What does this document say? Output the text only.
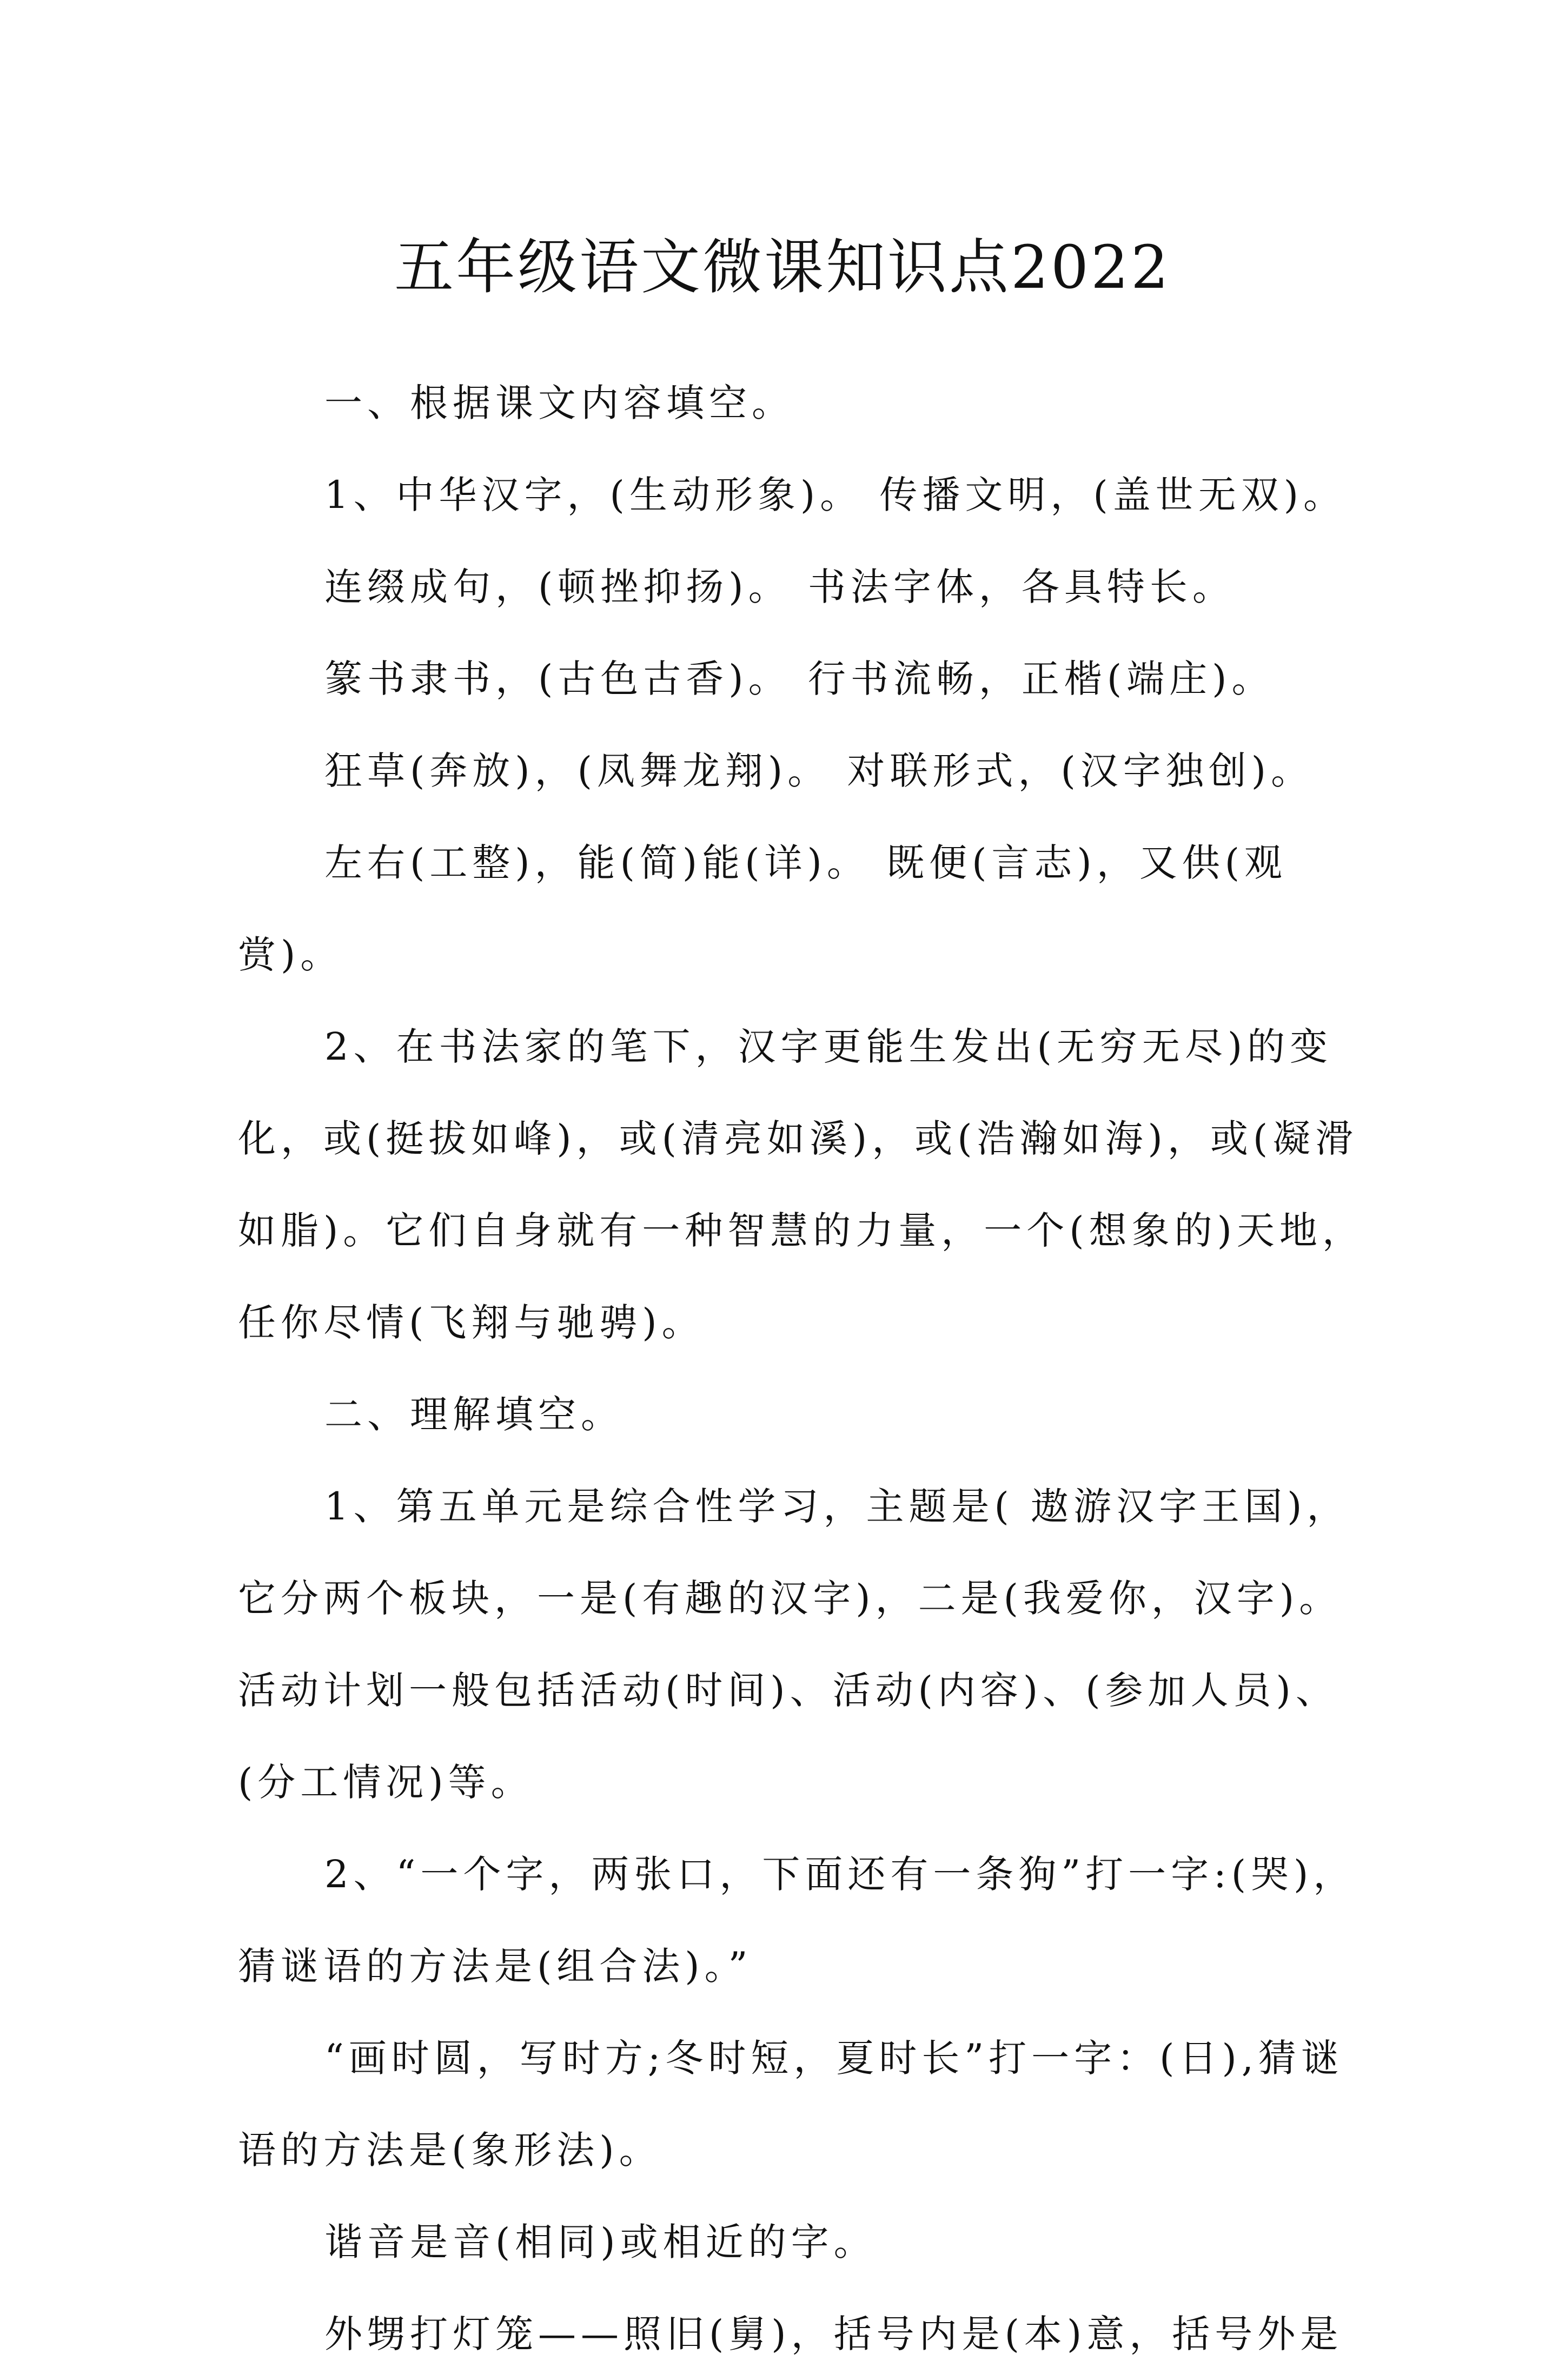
五年级语文微课知识点2022

一、根据课文内容填空。

1、中华汉字，(生动形象)。 传播文明，(盖世无双)。

连缀成句，(顿挫抑扬)。 书法字体，各具特长。

篆书隶书，(古色古香)。 行书流畅，正楷(端庄)。

狂草(奔放)，(凤舞龙翔)。 对联形式，(汉字独创)。

左右(工整)，能(简)能(详)。 既便(言志)，又供(观赏)。

2、在书法家的笔下，汉字更能生发出(无穷无尽)的变化，或(挺拔如峰)，或(清亮如溪)，或(浩瀚如海)，或(凝滑如脂)。它们自身就有一种智慧的力量，一个(想象的)天地，任你尽情(飞翔与驰骋)。

二、理解填空。

1、第五单元是综合性学习，主题是( 遨游汉字王国)，它分两个板块，一是(有趣的汉字)，二是(我爱你，汉字)。活动计划一般包括活动(时间)、活动(内容)、(参加人员)、(分工情况)等。

2、“一个字，两张口，下面还有一条狗”打一字:(哭)，猜谜语的方法是(组合法)。”

“画时圆，写时方;冬时短，夏时长”打一字：(日),猜谜语的方法是(象形法)。

谐音是音(相同)或相近的字。

外甥打灯笼——照旧(舅)，括号内是(本)意，括号外是
